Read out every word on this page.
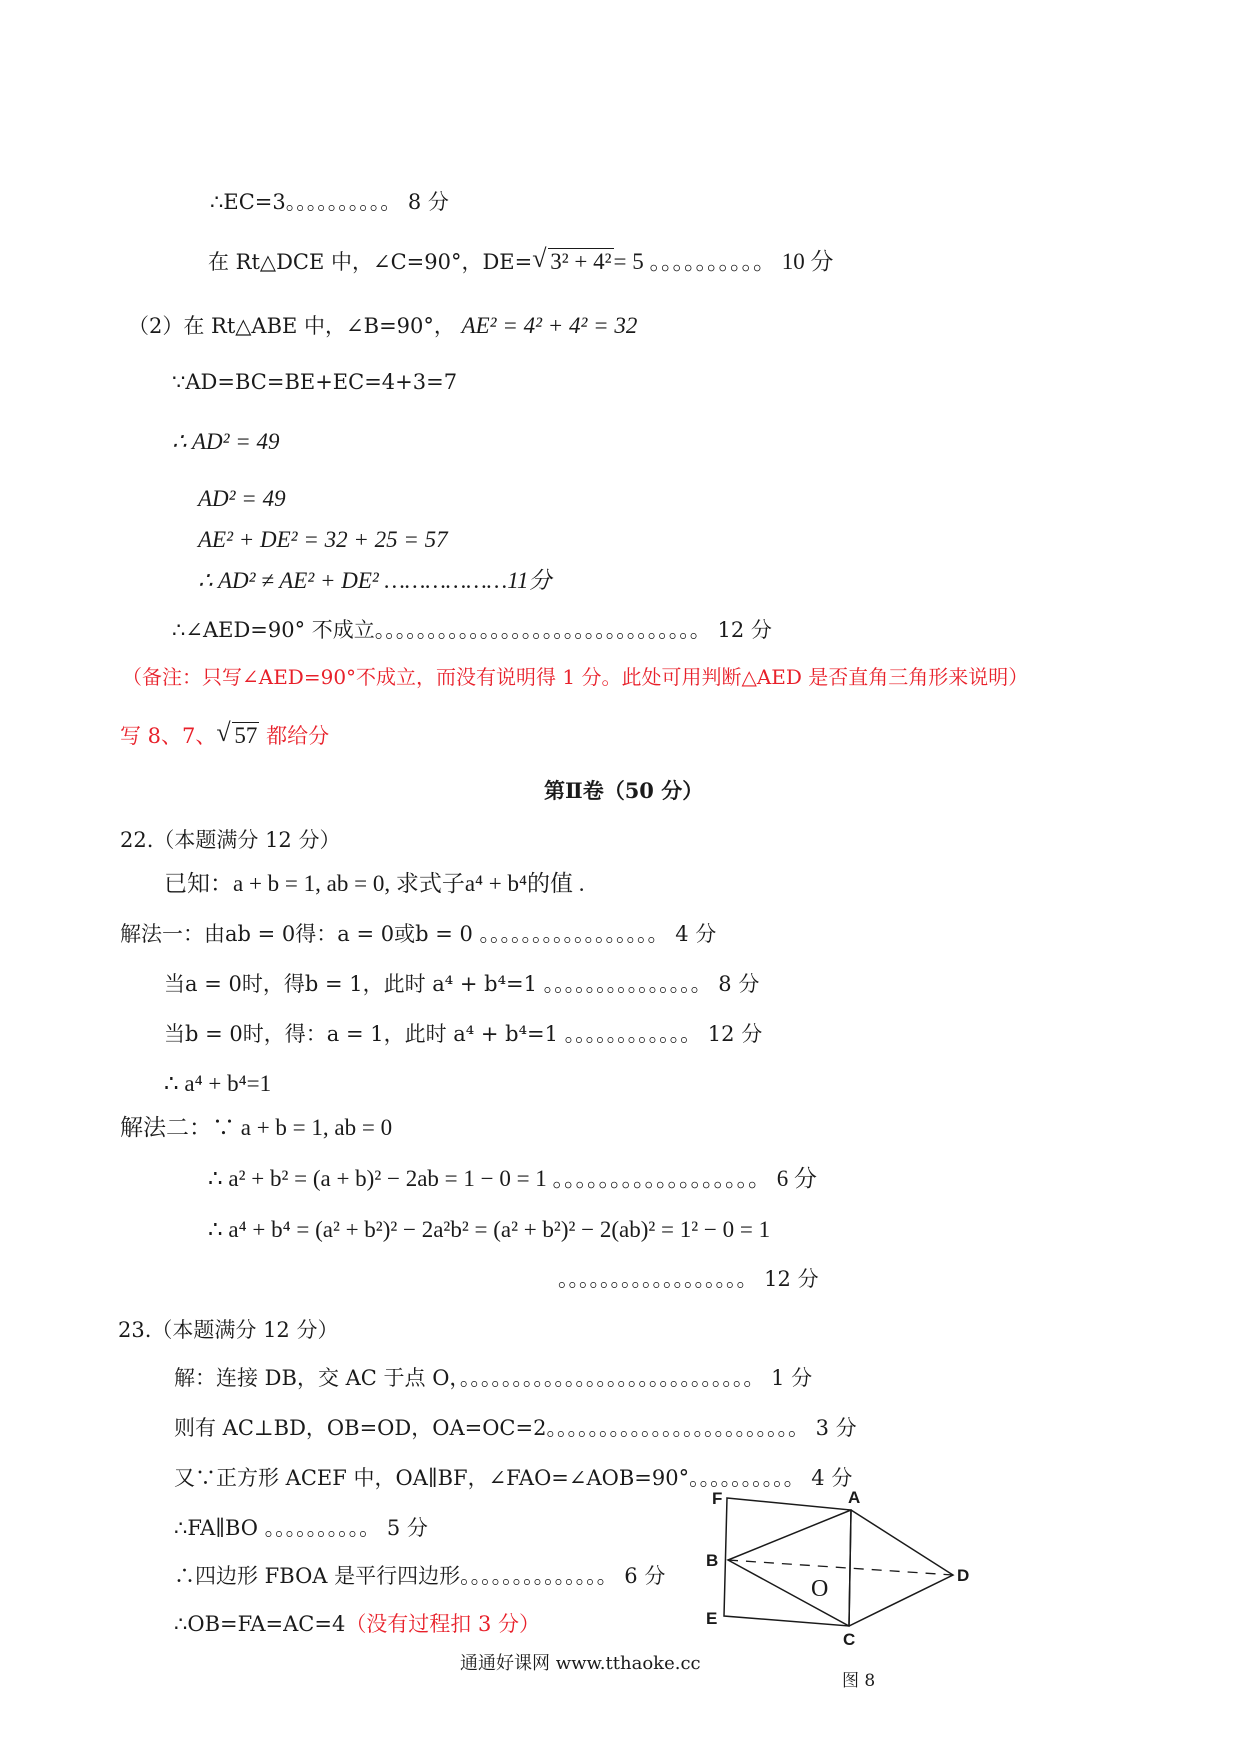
∴EC=3。。。。。。。。。。 8 分
在 Rt△DCE 中，∠C=90°，DE= √ 3² + 4²= 5 。。。。。。。。。。 10 分
（2）在 Rt△ABE 中，∠B=90°， AE² = 4² + 4² = 32
∵AD=BC=BE+EC=4+3=7
∴ AD² = 49
AD² = 49
AE² + DE² = 32 + 25 = 57
∴ AD² ≠ AE² + DE² ………………11分
∴∠AED=90° 不成立。。。。。。。。。。。。。。。。。。。。。。。。。。。。。。。 12 分
（备注：只写∠AED=90°不成立，而没有说明得 1 分。此处可用判断△AED 是否直角三角形来说明）
写 8、7、 √ 57 都给分
第Ⅱ卷（50 分）
22.（本题满分 12 分）
已知：a + b = 1, ab = 0, 求式子a⁴ + b⁴的值 .
解法一：由ab = 0得：a = 0或b = 0 。。。。。。。。。。。。。。。。。 4 分
当a = 0时，得b = 1，此时 a⁴ + b⁴=1 。。。。。。。。。。。。。。。 8 分
当b = 0时，得：a = 1，此时 a⁴ + b⁴=1 。。。。。。。。。。。。 12 分
∴ a⁴ + b⁴=1
解法二：∵ a + b = 1, ab = 0
∴ a² + b² = (a + b)² − 2ab = 1 − 0 = 1 。。。。。。。。。。。。。。。。。。 6 分
∴ a⁴ + b⁴ = (a² + b²)² − 2a²b² = (a² + b²)² − 2(ab)² = 1² − 0 = 1
。。。。。。。。。。。。。。。。。。 12 分
23.（本题满分 12 分）
解：连接 DB，交 AC 于点 O，。。。。。。。。。。。。。。。。。。。。。。。。。。。。 1 分
则有 AC⊥BD，OB=OD，OA=OC=2。。。。。。。。。。。。。。。。。。。。。。。。 3 分
又∵正方形 ACEF 中，OA∥BF，∠FAO=∠AOB=90°。。。。。。。。。。 4 分
∴FA∥BO 。。。。。。。。。。 5 分
∴四边形 FBOA 是平行四边形。。。。。。。。。。。。。。 6 分
∴OB=FA=AC=4（没有过程扣 3 分）
通通好课网 www.tthaoke.cc
F	A
B
O
D
E
C
图 8
